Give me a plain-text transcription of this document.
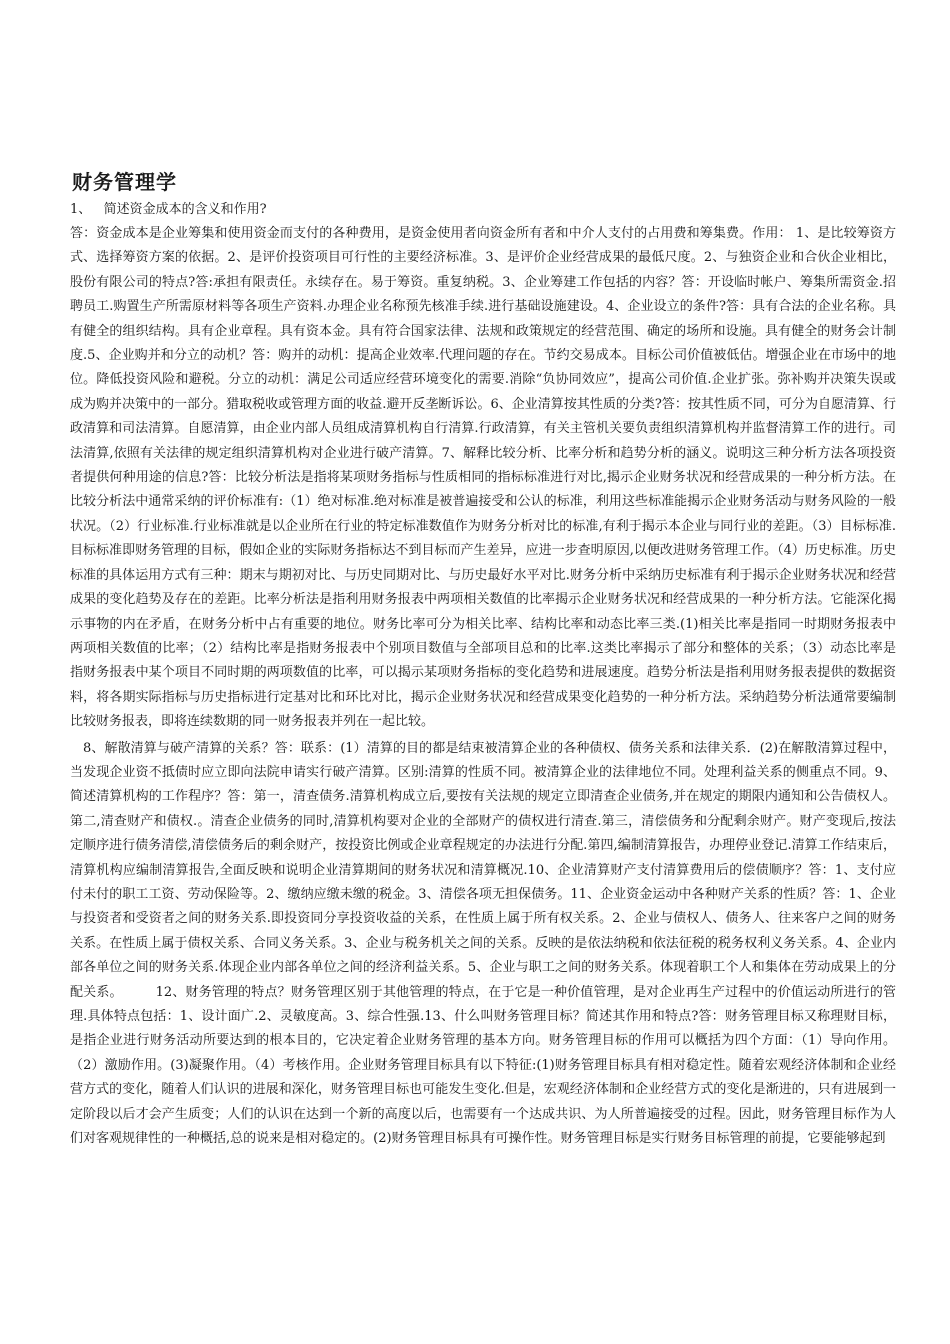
财务管理学

1、   简述资金成本的含义和作用?

答：资金成本是企业筹集和使用资金而支付的各种费用，是资金使用者向资金所有者和中介人支付的占用费和筹集费。作用： 1、是比较筹资方式、选择筹资方案的依据。2、是评价投资项目可行性的主要经济标准。3、是评价企业经营成果的最低尺度。2、与独资企业和合伙企业相比，股份有限公司的特点?答:承担有限责任。永续存在。易于筹资。重复纳税。3、企业筹建工作包括的内容？答：开设临时帐户、筹集所需资金.招聘员工.购置生产所需原材料等各项生产资料.办理企业名称预先核准手续.进行基础设施建设。4、企业设立的条件?答：具有合法的企业名称。具有健全的组织结构。具有企业章程。具有资本金。具有符合国家法律、法规和政策规定的经营范围、确定的场所和设施。具有健全的财务会计制度.5、企业购并和分立的动机？答：购并的动机：提高企业效率.代理问题的存在。节约交易成本。目标公司价值被低估。增强企业在市场中的地位。降低投资风险和避税。分立的动机：满足公司适应经营环境变化的需要.消除“负协同效应”，提高公司价值.企业扩张。弥补购并决策失误或成为购并决策中的一部分。猎取税收或管理方面的收益.避开反垄断诉讼。6、企业清算按其性质的分类?答：按其性质不同，可分为自愿清算、行政清算和司法清算。自愿清算，由企业内部人员组成清算机构自行清算.行政清算，有关主管机关要负责组织清算机构并监督清算工作的进行。司法清算,依照有关法律的规定组织清算机构对企业进行破产清算。7、解释比较分析、比率分析和趋势分析的涵义。说明这三种分析方法各项投资者提供何种用途的信息?答：比较分析法是指将某项财务指标与性质相同的指标标准进行对比,揭示企业财务状况和经营成果的一种分析方法。在比较分析法中通常采纳的评价标准有:（1）绝对标准.绝对标准是被普遍接受和公认的标准，利用这些标准能揭示企业财务活动与财务风险的一般状况。（2）行业标准.行业标准就是以企业所在行业的特定标准数值作为财务分析对比的标准,有利于揭示本企业与同行业的差距。（3）目标标准.目标标准即财务管理的目标，假如企业的实际财务指标达不到目标而产生差异，应进一步查明原因,以便改进财务管理工作。（4）历史标准。历史标准的具体运用方式有三种：期末与期初对比、与历史同期对比、与历史最好水平对比.财务分析中采纳历史标准有利于揭示企业财务状况和经营成果的变化趋势及存在的差距。比率分析法是指利用财务报表中两项相关数值的比率揭示企业财务状况和经营成果的一种分析方法。它能深化揭示事物的内在矛盾，在财务分析中占有重要的地位。财务比率可分为相关比率、结构比率和动态比率三类.(1)相关比率是指同一时期财务报表中两项相关数值的比率；（2）结构比率是指财务报表中个别项目数值与全部项目总和的比率.这类比率揭示了部分和整体的关系；（3）动态比率是指财务报表中某个项目不同时期的两项数值的比率，可以揭示某项财务指标的变化趋势和进展速度。趋势分析法是指利用财务报表提供的数据资料，将各期实际指标与历史指标进行定基对比和环比对比，揭示企业财务状况和经营成果变化趋势的一种分析方法。采纳趋势分析法通常要编制比较财务报表，即将连续数期的同一财务报表并列在一起比较。

8、解散清算与破产清算的关系？答：联系：(1）清算的目的都是结束被清算企业的各种债权、债务关系和法律关系．(2)在解散清算过程中，当发现企业资不抵债时应立即向法院申请实行破产清算。区别:清算的性质不同。被清算企业的法律地位不同。处理利益关系的侧重点不同。9、简述清算机构的工作程序？答：第一，清查债务.清算机构成立后,要按有关法规的规定立即清查企业债务,并在规定的期限内通知和公告债权人。第二,清查财产和债权.。清查企业债务的同时,清算机构要对企业的全部财产的债权进行清查.第三，清偿债务和分配剩余财产。财产变现后,按法定顺序进行债务清偿,清偿债务后的剩余财产，按投资比例或企业章程规定的办法进行分配.第四,编制清算报告，办理停业登记.清算工作结束后，清算机构应编制清算报告,全面反映和说明企业清算期间的财务状况和清算概况.10、企业清算财产支付清算费用后的偿债顺序？答：1、支付应付未付的职工工资、劳动保险等。2、缴纳应缴未缴的税金。3、清偿各项无担保债务。11、企业资金运动中各种财产关系的性质？答：1、企业与投资者和受资者之间的财务关系.即投资同分享投资收益的关系，在性质上属于所有权关系。2、企业与债权人、债务人、往来客户之间的财务关系。在性质上属于债权关系、合同义务关系。3、企业与税务机关之间的关系。反映的是依法纳税和依法征税的税务权利义务关系。4、企业内部各单位之间的财务关系.体现企业内部各单位之间的经济利益关系。5、企业与职工之间的财务关系。体现着职工个人和集体在劳动成果上的分配关系。　　　12、财务管理的特点？财务管理区别于其他管理的特点，在于它是一种价值管理，是对企业再生产过程中的价值运动所进行的管理.具体特点包括：1、设计面广.2、灵敏度高。3、综合性强.13、什么叫财务管理目标？简述其作用和特点?答：财务管理目标又称理财目标，是指企业进行财务活动所要达到的根本目的，它决定着企业财务管理的基本方向。财务管理目标的作用可以概括为四个方面：（1）导向作用。（2）激励作用。(3)凝聚作用。（4）考核作用。企业财务管理目标具有以下特征:(1)财务管理目标具有相对稳定性。随着宏观经济体制和企业经营方式的变化，随着人们认识的进展和深化，财务管理目标也可能发生变化.但是，宏观经济体制和企业经营方式的变化是渐进的，只有进展到一定阶段以后才会产生质变；人们的认识在达到一个新的高度以后，也需要有一个达成共识、为人所普遍接受的过程。因此，财务管理目标作为人们对客观规律性的一种概括,总的说来是相对稳定的。(2)财务管理目标具有可操作性。财务管理目标是实行财务目标管理的前提，它要能够起到
